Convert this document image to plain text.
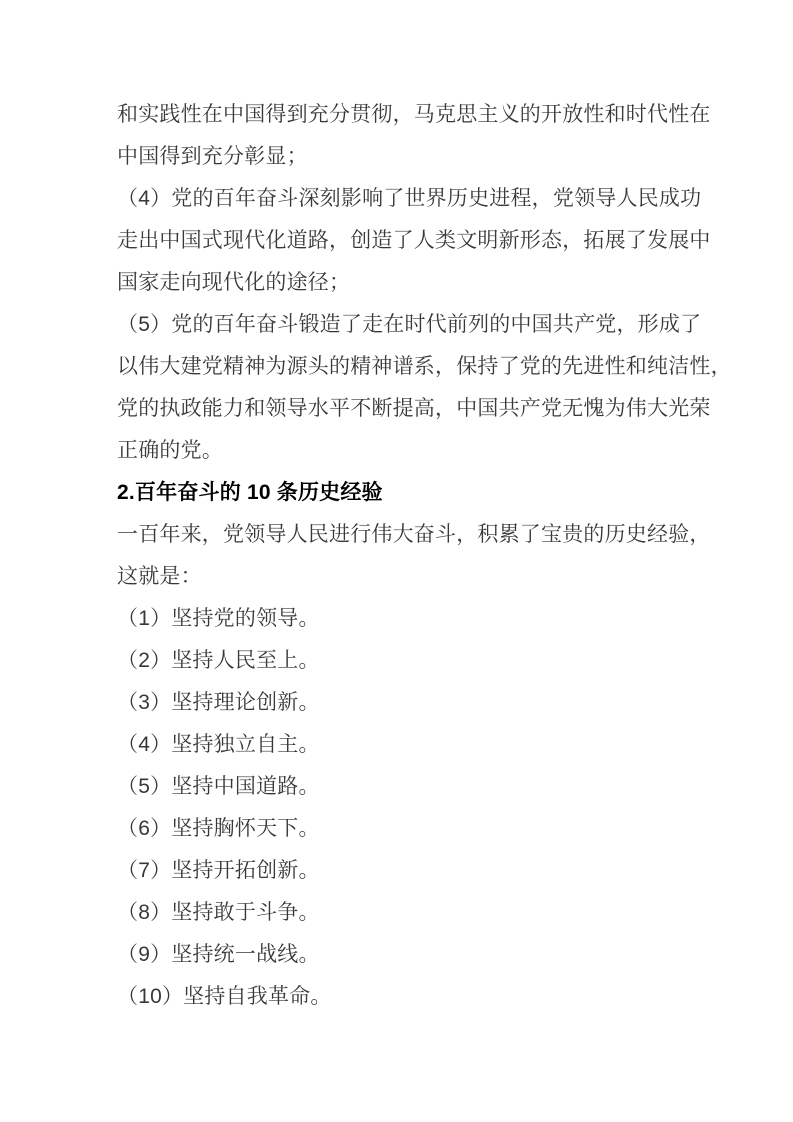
和实践性在中国得到充分贯彻，马克思主义的开放性和时代性在
中国得到充分彰显；
（4）党的百年奋斗深刻影响了世界历史进程，党领导人民成功
走出中国式现代化道路，创造了人类文明新形态，拓展了发展中
国家走向现代化的途径；
（5）党的百年奋斗锻造了走在时代前列的中国共产党，形成了
以伟大建党精神为源头的精神谱系，保持了党的先进性和纯洁性，
党的执政能力和领导水平不断提高，中国共产党无愧为伟大光荣
正确的党。
2.百年奋斗的 10 条历史经验
一百年来，党领导人民进行伟大奋斗，积累了宝贵的历史经验，
这就是：
（1）坚持党的领导。
（2）坚持人民至上。
（3）坚持理论创新。
（4）坚持独立自主。
（5）坚持中国道路。
（6）坚持胸怀天下。
（7）坚持开拓创新。
（8）坚持敢于斗争。
（9）坚持统一战线。
（10）坚持自我革命。
